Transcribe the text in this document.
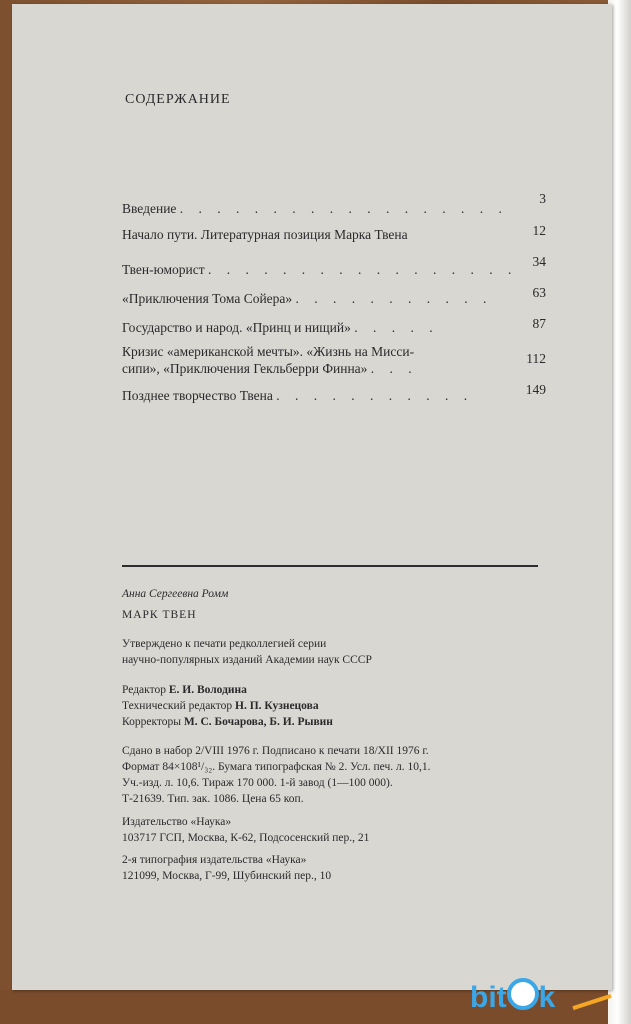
СОДЕРЖАНИЕ
Введение . . . . . . . . . . . . . . . . . .
3
Начало пути. Литературная позиция Марка Твена	12
Твен-юморист . . . . . . . . . . . . . . . . .
34
«Приключения Тома Сойера» . . . . . . . . . . .	63
Государство и народ. «Принц и нищий» . . . . .	87
Кризис «американской мечты». «Жизнь на Мисси-
сипи», «Приключения Гекльберри Финна» . . .
112
Позднее творчество Твена . . . . . . . . . . .	149
Анна Сергеевна Ромм
МАРК ТВЕН
Утверждено к печати редколлегией серии
научно-популярных изданий Академии наук СССР
Редактор Е. И. Володина
Технический редактор Н. П. Кузнецова
Корректоры М. С. Бочарова, Б. И. Рывин
Сдано в набор 2/VIII 1976 г. Подписано к печати 18/XII 1976 г.
Формат 84×108¹/₃₂. Бумага типографская № 2. Усл. печ. л. 10,1.
Уч.-изд. л. 10,6. Тираж 170 000. 1-й завод (1—100 000).
Т-21639. Тип. зак. 1086. Цена 65 коп.
Издательство «Наука»
103717 ГСП, Москва, К-62, Подсосенский пер., 21
2-я типография издательства «Наука»
121099, Москва, Г-99, Шубинский пер., 10
bit k
